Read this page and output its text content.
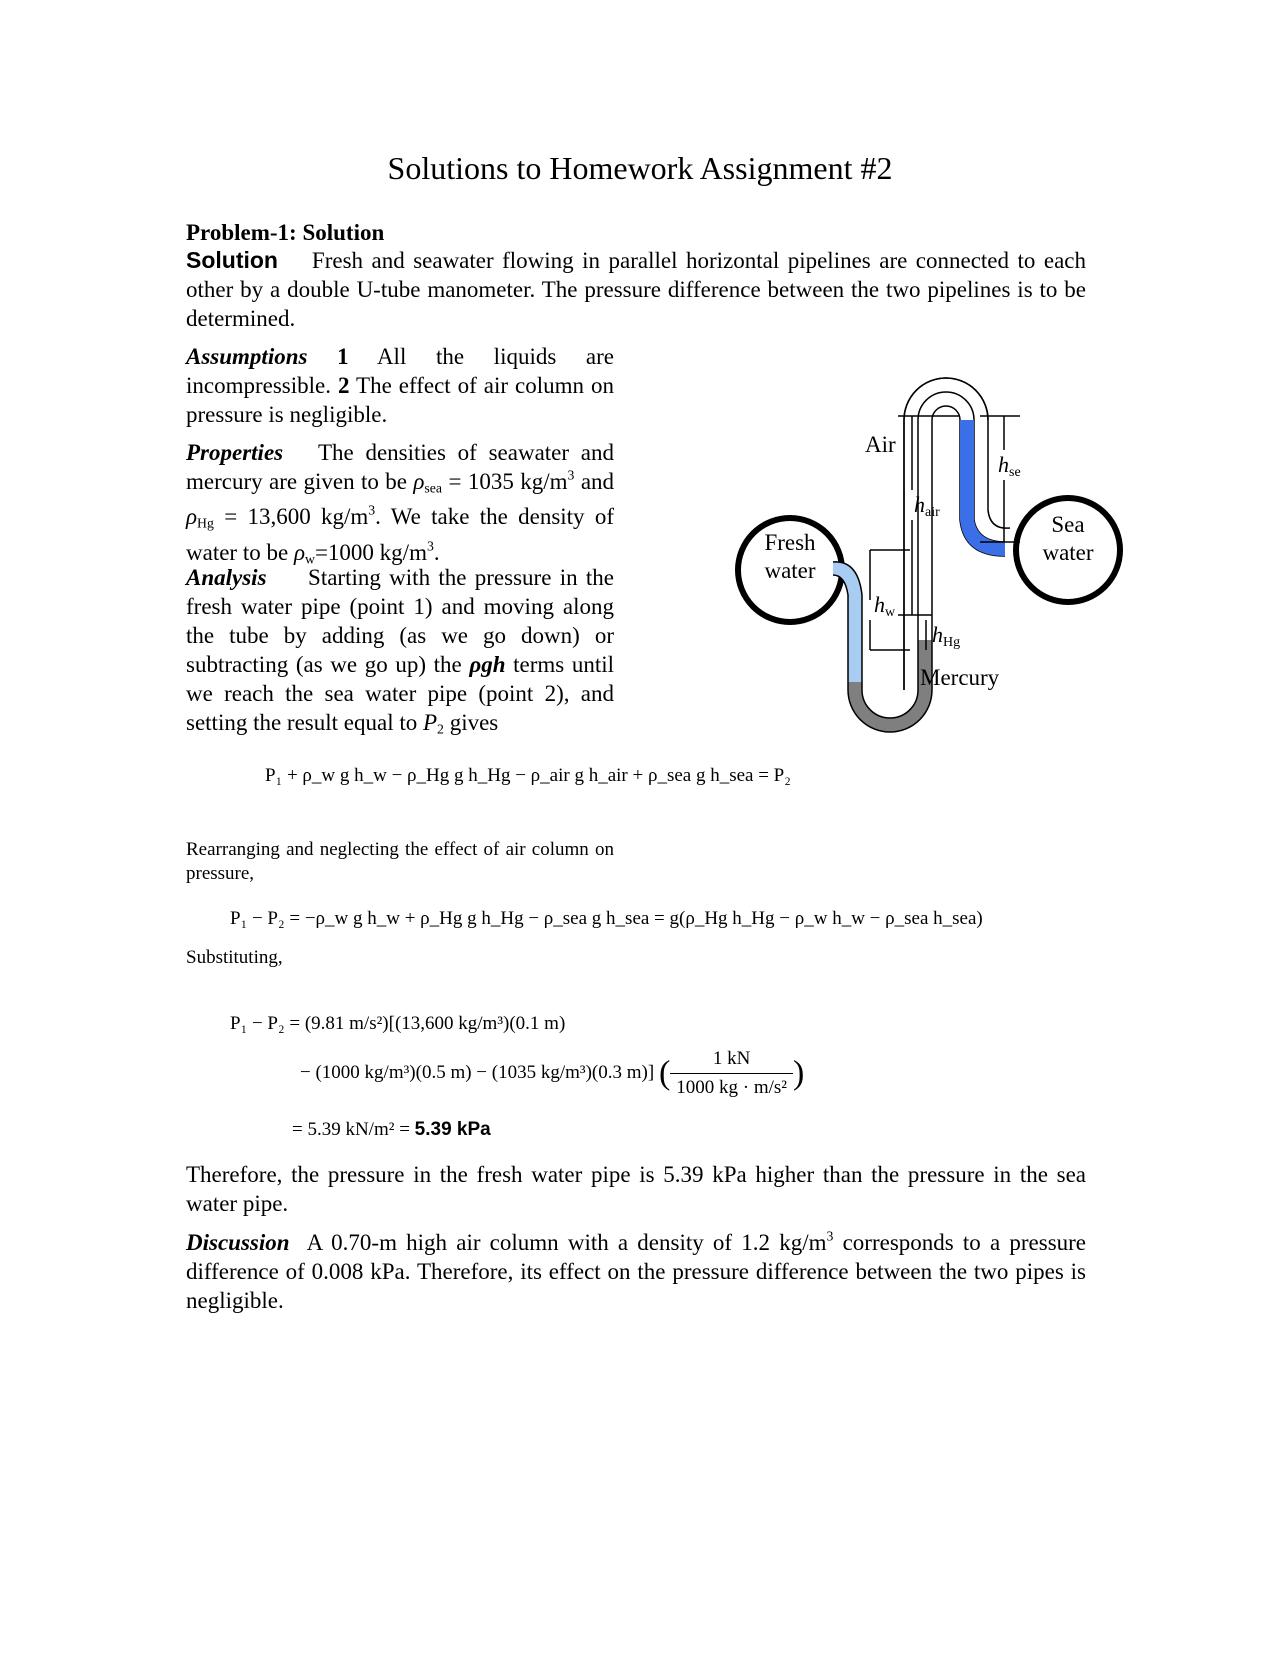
Solutions to Homework Assignment #2
Problem-1: Solution
Solution Fresh and seawater flowing in parallel horizontal pipelines are connected to each other by a double U-tube manometer. The pressure difference between the two pipelines is to be determined.
Assumptions 1 All the liquids are incompressible. 2 The effect of air column on pressure is negligible.
Properties The densities of seawater and mercury are given to be $\rho_{sea} = 1035$ $kg/m^3$ and $\rho_{Hg} = 13,600$ $kg/m^3$. We take the density of water to be $\rho_w=1000$ $kg/m^3$.
Analysis Starting with the pressure in the fresh water pipe (point 1) and moving along the tube by adding (as we go down) or subtracting (as we go up) the ρgh terms until we reach the sea water pipe (point 2), and setting the result equal to $P_2$ gives
Fresh
water
Sea
water
Air
Mercury
hw
hair
hse
hHg
P₁ + ρ_w g h_w − ρ_Hg g h_Hg − ρ_air g h_air + ρ_sea g h_sea = P₂
Rearranging and neglecting the effect of air column on pressure,
P₁ − P₂ = −ρ_w g h_w + ρ_Hg g h_Hg − ρ_sea g h_sea = g(ρ_Hg h_Hg − ρ_w h_w − ρ_sea h_sea)
Substituting,
P₁ − P₂ = (9.81 m/s²)[(13,600 kg/m³)(0.1 m)
− (1000 kg/m³)(0.5 m) − (1035 kg/m³)(0.3 m)] ( $\frac{1 kN}{\text{1000 kg · m/s²}}$ )
= 5.39 kN/m² = 5.39 kPa
Therefore, the pressure in the fresh water pipe is 5.39 kPa higher than the pressure in the sea water pipe.
Discussion A 0.70-m high air column with a density of 1.2 $kg/m^3$ corresponds to a pressure difference of 0.008 kPa. Therefore, its effect on the pressure difference between the two pipes is negligible.
